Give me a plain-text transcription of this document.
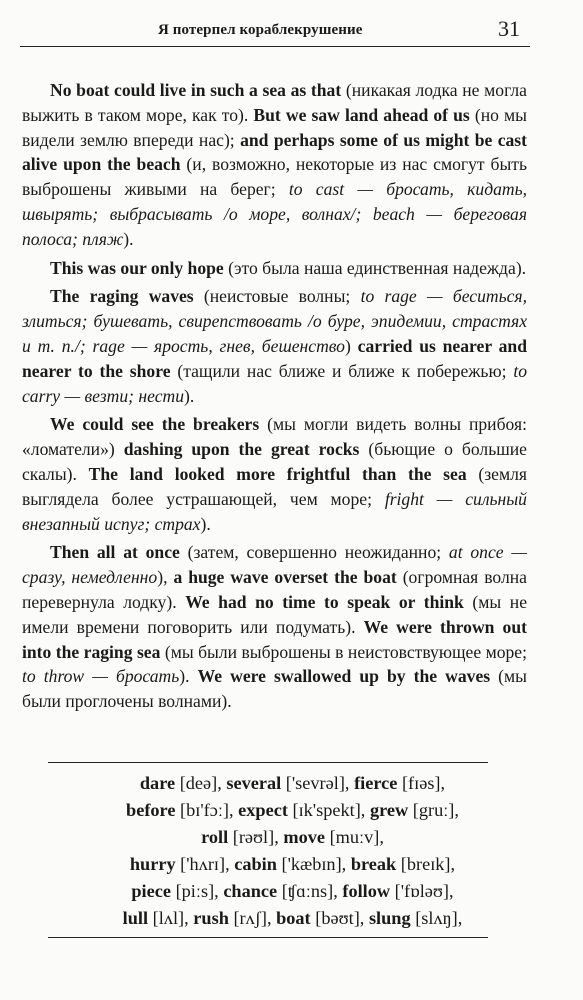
Я потерпел кораблекрушение	31

No boat could live in such a sea as that (никакая лодка не могла выжить в таком море, как то). But we saw land ahead of us (но мы видели землю впереди нас); and perhaps some of us might be cast alive upon the beach (и, возможно, некоторые из нас смогут быть выброшены живыми на берег; to cast — бросать, кидать, швырять; выбрасывать /о море, волнах/; beach — береговая полоса; пляж).

This was our only hope (это была наша единственная надежда).

The raging waves (неистовые волны; to rage — беситься, злиться; бушевать, свирепствовать /о буре, эпидемии, страстях и т. п./; rage — ярость, гнев, бешенство) carried us nearer and nearer to the shore (тащили нас ближе и ближе к побережью; to carry — везти; нести).

We could see the breakers (мы могли видеть волны прибоя: «ломатели») dashing upon the great rocks (бьющие о большие скалы). The land looked more frightful than the sea (земля выглядела более устрашающей, чем море; fright — сильный внезапный испуг; страх).

Then all at once (затем, совершенно неожиданно; at once — сразу, немедленно), a huge wave overset the boat (огромная волна перевернула лодку). We had no time to speak or think (мы не имели времени поговорить или подумать). We were thrown out into the raging sea (мы были выброшены в неистовствующее море; to throw — бросать). We were swallowed up by the waves (мы были проглочены волнами).

dare [deə], several ['sevrəl], fierce [fɪəs],
before [bɪ'fɔː], expect [ɪk'spekt], grew [gruː],
roll [rəʊl], move [muːv],
hurry ['hʌrɪ], cabin ['kæbɪn], break [breɪk],
piece [piːs], chance [ʧɑːns], follow ['fɒləʊ],
lull [lʌl], rush [rʌʃ], boat [bəʊt], slung [slʌŋ],
